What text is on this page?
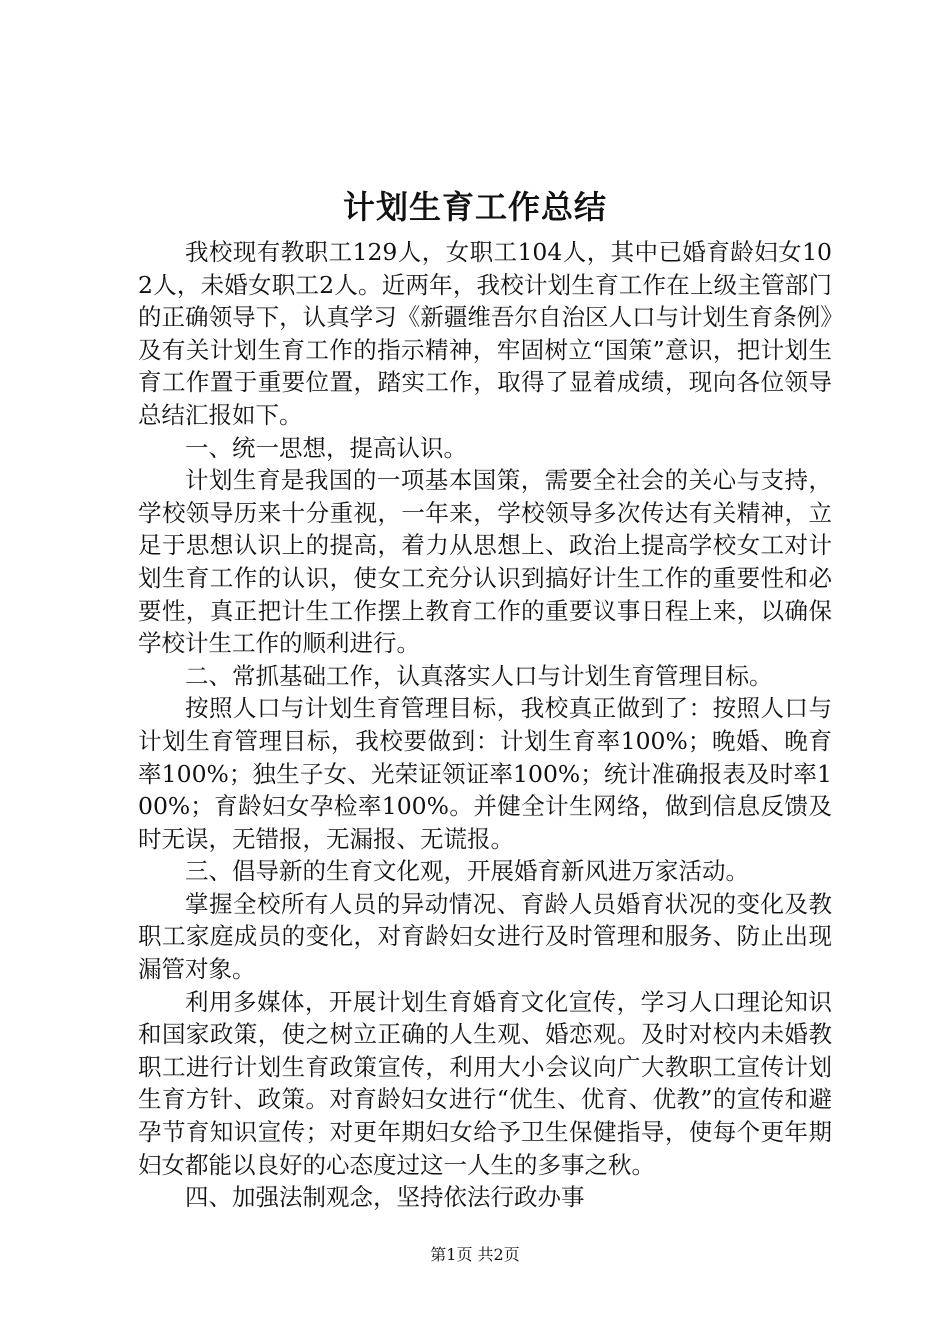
计划生育工作总结

我校现有教职工129人，女职工104人，其中已婚育龄妇女102人，未婚女职工2人。近两年，我校计划生育工作在上级主管部门的正确领导下，认真学习《新疆维吾尔自治区人口与计划生育条例》及有关计划生育工作的指示精神，牢固树立“国策”意识，把计划生育工作置于重要位置，踏实工作，取得了显着成绩，现向各位领导总结汇报如下。

一、统一思想，提高认识。

计划生育是我国的一项基本国策，需要全社会的关心与支持，学校领导历来十分重视，一年来，学校领导多次传达有关精神，立足于思想认识上的提高，着力从思想上、政治上提高学校女工对计划生育工作的认识，使女工充分认识到搞好计生工作的重要性和必要性，真正把计生工作摆上教育工作的重要议事日程上来，以确保学校计生工作的顺利进行。

二、常抓基础工作，认真落实人口与计划生育管理目标。

按照人口与计划生育管理目标，我校真正做到了：按照人口与计划生育管理目标，我校要做到：计划生育率100%；晚婚、晚育率100%；独生子女、光荣证领证率100%；统计准确报表及时率100%；育龄妇女孕检率100%。并健全计生网络，做到信息反馈及时无误，无错报，无漏报、无谎报。

三、倡导新的生育文化观，开展婚育新风进万家活动。

掌握全校所有人员的异动情况、育龄人员婚育状况的变化及教职工家庭成员的变化，对育龄妇女进行及时管理和服务、防止出现漏管对象。

利用多媒体，开展计划生育婚育文化宣传，学习人口理论知识和国家政策，使之树立正确的人生观、婚恋观。及时对校内未婚教职工进行计划生育政策宣传，利用大小会议向广大教职工宣传计划生育方针、政策。对育龄妇女进行“优生、优育、优教”的宣传和避孕节育知识宣传；对更年期妇女给予卫生保健指导，使每个更年期妇女都能以良好的心态度过这一人生的多事之秋。

四、加强法制观念，坚持依法行政办事

第1页 共2页
